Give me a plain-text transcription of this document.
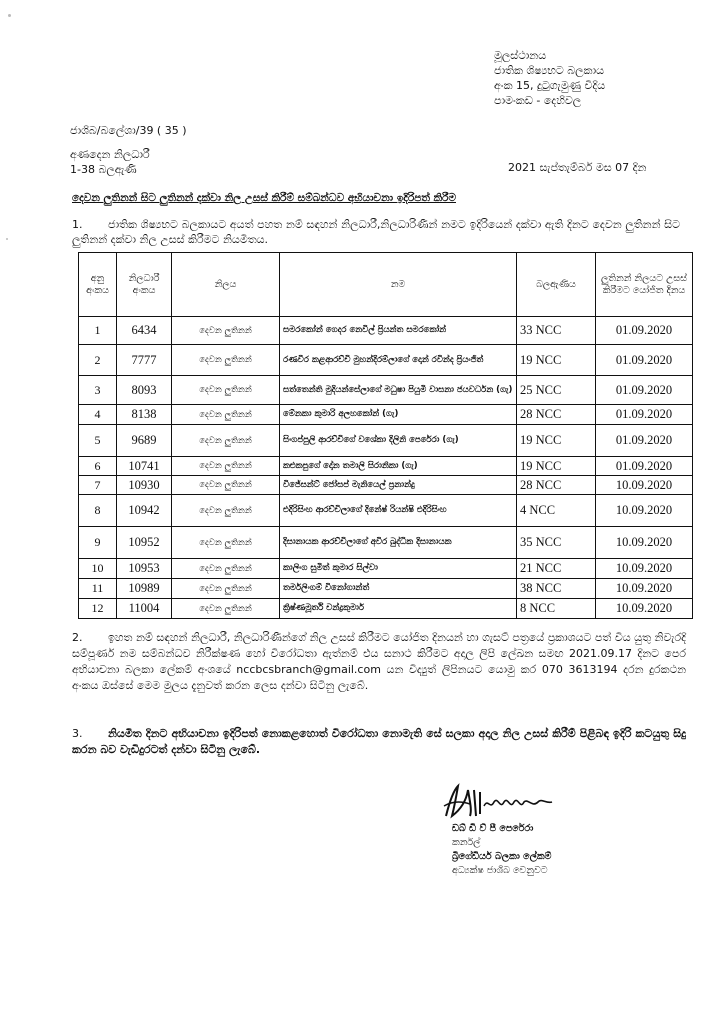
මූලස්ථානය
ජාතික ශිෂ්‍යභට බලකාය
අංක 15, දුටුගැමුණු වීදිය
පාමංකඩ - දෙහිවල
ජාශිබ/බලේශා/39 ( 35 )
අණදෙන නිලධාරී
1-38 බලඇණි	2021 සැප්තැම්බර් මස 07 දින
දෙවන ලුතිනන් සිට ලුතිනන් දක්වා නිල උසස් කිරීම් සම්බන්ධව අභියාචනා ඉදිරිපත් කිරීම
1.	ජාතික ශිෂ්‍යභට බලකායට අයත් පහත නම් සඳහන් නිලධාරී,නිලධාරිණීන් නමට ඉදිරියෙන් දක්වා ඇති දිනට දෙවන ලුතිනන් සිට ලුතිනන් දක්වා නිල උසස් කිරීමට නියමිතය.
අනු අංකය	නිලධාරී අංකය	නිලය	නම	බලඇණිය	ලුතිනන් නිලයට උසස් කිරීමට යෝජිත දිනය
1	6434	දෙවන ලුතිනන්	සමරකෝන් ගෙදර නෙවිල් ප්‍රියන්ත සමරකෝන්	33 NCC	01.09.2020
2	7777	දෙවන ලුතිනන්	රණවීර කළආරච්චි මුහන්දිරම්ලාගේ දොන් රවින්ද ප්‍රියංජිත්	19 NCC	01.09.2020
3	8093	දෙවන ලුතිනන්	සත්තෙන්ති මුදියන්සේලාගේ මධුෂා පියුමි වාසනා ජයවර්ධන (ගැ)	25 NCC	01.09.2020
4	8138	දෙවන ලුතිනන්	මේනකා කුමාරි අලහකෝන් (ගැ)	28 NCC	01.09.2020
5	9689	දෙවන ලුතිනන්	සිංගප්පුලි ආරච්චිගේ වශේකා දිලිනි පෙරේරා (ගැ)	19 NCC	01.09.2020
6	10741	දෙවන ලුතිනන්	කළුකපුගේ දෝන තමාලි සිරානිකා (ගැ)	19 NCC	01.09.2020
7	10930	දෙවන ලුතිනන්	විජේසන්ට් ජෝසප් මැනියෙල් ප්‍රනාන්දු	28 NCC	10.09.2020
8	10942	දෙවන ලුතිනන්	එදිරිසිංහ ආරච්චිලාගේ දිනේෂ් රියන්ෂි එදිරිසිංහ	4 NCC	10.09.2020
9	10952	දෙවන ලුතිනන්	දිසානායක ආරච්චිලාගේ අවිර බුද්ධික දිසානායක	35 NCC	10.09.2020
10	10953	දෙවන ලුතිනන්	කාලිංග සුමිත් කුමාර සිල්වා	21 NCC	10.09.2020
11	10989	දෙවන ලුතිනන්	තර්මලිංගම් විනෝගාන්ත්	38 NCC	10.09.2020
12	11004	දෙවන ලුතිනන්	ක්‍රිෂ්ණමූර්ති චන්ද්‍රකුමාර්	8 NCC	10.09.2020
2.	ඉහත නම් සඳහන් නිලධාරී, නිලධාරිණීන්ගේ නිල උසස් කිරීමට යෝජිත දිනයන් හා ගැසට් පත්‍රයේ ප්‍රකාශයට පත් විය යුතු නිවැරදි සම්පූර්ණ නම සම්බන්ධව නිරීක්ෂණ හෝ විරෝධතා ඇත්නම් එය සනාථ කිරීමට අදාල ලිපි ලේඛන සමඟ 2021.09.17 දිනට පෙර අභියාචනා බලකා ලේකම් අංශයේ nccbcsbranch@gmail.com යන විද්‍යුත් ලිපිනයට යොමු කර 070 3613194 දරන දුරකථන අංකය ඔස්සේ මෙම මුලය දැනුවත් කරන ලෙස දන්වා සිටිනු ලැබේ.
3.	නියමිත දිනට අභියාචනා ඉදිරිපත් නොකළහොත් විරෝධතා නොමැති සේ සලකා අදාල නිල උසස් කිරීම් පිළිබඳ ඉදිරි කටයුතු සිදු කරන බව වැඩිදුරටත් දන්වා සිටිනු ලැබේ.
ඩබ් ඩී ව් පී පෙරේරා
කර්නල්
බ්‍රිගේඩියර් බලකා ලේකම්
අධ්‍යක්ෂ ජාශිබ වෙනුවට
